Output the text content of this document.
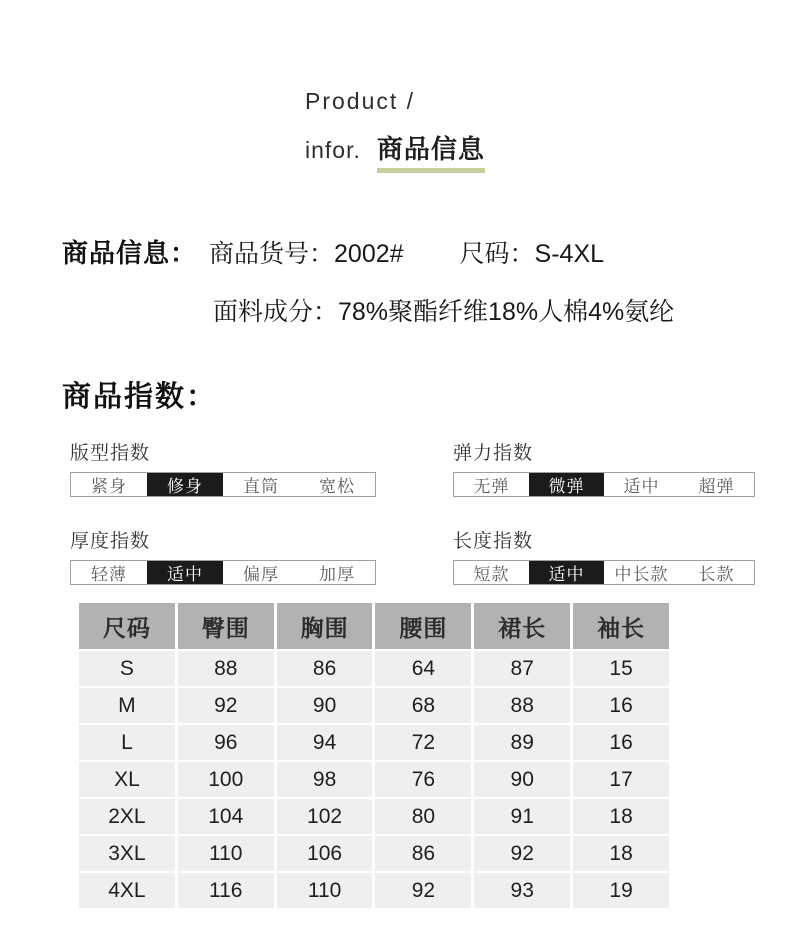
Product /
infor. 商品信息
商品信息： 商品货号：2002# 尺码：S-4XL
面料成分：78%聚酯纤维18%人棉4%氨纶
商品指数：
版型指数
紧身	修身	直筒	宽松
弹力指数
无弹	微弹	适中	超弹
厚度指数
轻薄	适中	偏厚	加厚
长度指数
短款	适中	中长款	长款
尺码	臀围	胸围	腰围	裙长	袖长
S	88	86	64	87	15
M	92	90	68	88	16
L	96	94	72	89	16
XL	100	98	76	90	17
2XL	104	102	80	91	18
3XL	110	106	86	92	18
4XL	116	110	92	93	19
